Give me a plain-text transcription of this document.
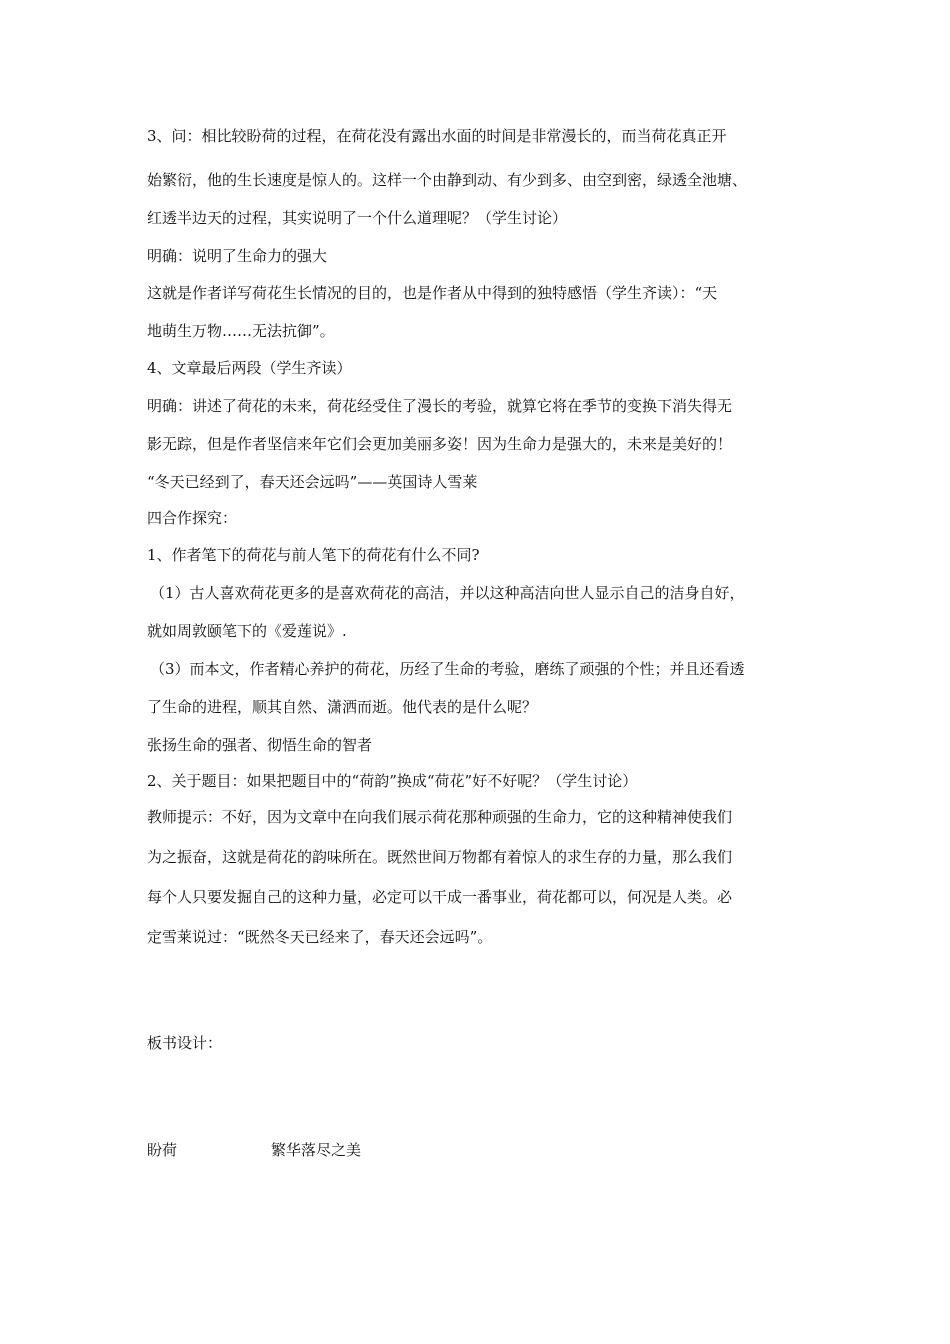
3、问：相比较盼荷的过程，在荷花没有露出水面的时间是非常漫长的，而当荷花真正开
始繁衍，他的生长速度是惊人的。这样一个由静到动、有少到多、由空到密，绿透全池塘、
红透半边天的过程，其实说明了一个什么道理呢？（学生讨论）
明确：说明了生命力的强大
这就是作者详写荷花生长情况的目的，也是作者从中得到的独特感悟（学生齐读）：“天
地萌生万物……无法抗御”。
4、文章最后两段（学生齐读）
明确：讲述了荷花的未来，荷花经受住了漫长的考验，就算它将在季节的变换下消失得无
影无踪，但是作者坚信来年它们会更加美丽多姿！因为生命力是强大的，未来是美好的！
“冬天已经到了，春天还会远吗”——英国诗人雪莱
四合作探究：
1、作者笔下的荷花与前人笔下的荷花有什么不同?
（1）古人喜欢荷花更多的是喜欢荷花的高洁，并以这种高洁向世人显示自己的洁身自好，
就如周敦颐笔下的《爱莲说》.
（3）而本文，作者精心养护的荷花，历经了生命的考验，磨练了顽强的个性；并且还看透
了生命的进程，顺其自然、潇洒而逝。他代表的是什么呢？
张扬生命的强者、彻悟生命的智者
2、关于题目：如果把题目中的“荷韵”换成“荷花”好不好呢？（学生讨论）
教师提示：不好，因为文章中在向我们展示荷花那种顽强的生命力，它的这种精神使我们
为之振奋，这就是荷花的韵味所在。既然世间万物都有着惊人的求生存的力量，那么我们
每个人只要发掘自己的这种力量，必定可以干成一番事业，荷花都可以，何况是人类。必
定雪莱说过：“既然冬天已经来了，春天还会远吗”。
板书设计：
盼荷	繁华落尽之美
